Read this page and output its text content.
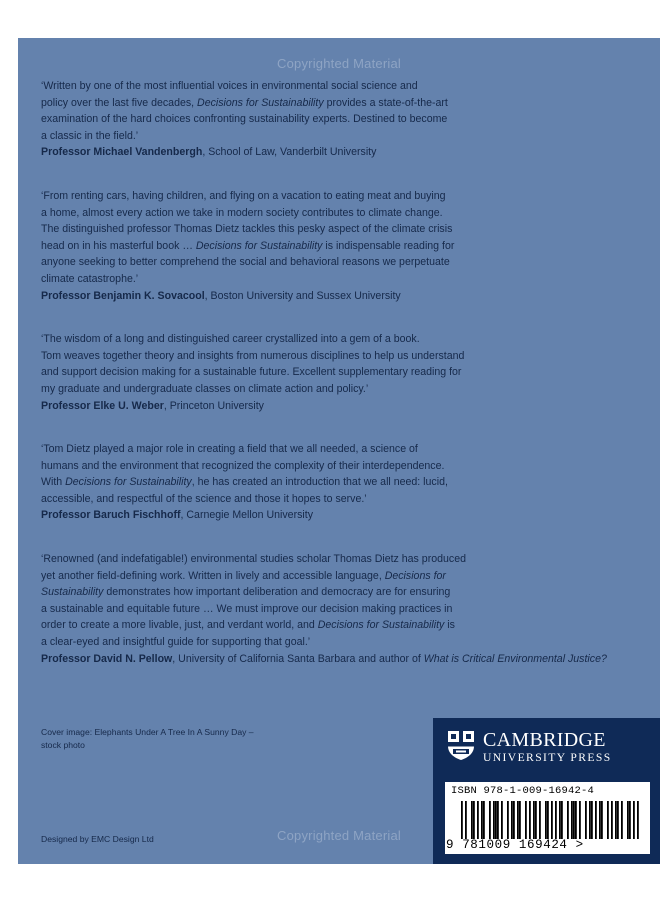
Copyrighted Material

‘Written by one of the most influential voices in environmental social science and

policy over the last five decades, Decisions for Sustainability provides a state-of-the-art

examination of the hard choices confronting sustainability experts. Destined to become

a classic in the field.’

Professor Michael Vandenbergh, School of Law, Vanderbilt University

‘From renting cars, having children, and flying on a vacation to eating meat and buying

a home, almost every action we take in modern society contributes to climate change.

The distinguished professor Thomas Dietz tackles this pesky aspect of the climate crisis

head on in his masterful book … Decisions for Sustainability is indispensable reading for

anyone seeking to better comprehend the social and behavioral reasons we perpetuate

climate catastrophe.’

Professor Benjamin K. Sovacool, Boston University and Sussex University

‘The wisdom of a long and distinguished career crystallized into a gem of a book.

Tom weaves together theory and insights from numerous disciplines to help us understand

and support decision making for a sustainable future. Excellent supplementary reading for

my graduate and undergraduate classes on climate action and policy.’

Professor Elke U. Weber, Princeton University

‘Tom Dietz played a major role in creating a field that we all needed, a science of

humans and the environment that recognized the complexity of their interdependence.

With Decisions for Sustainability, he has created an introduction that we all need: lucid,

accessible, and respectful of the science and those it hopes to serve.’

Professor Baruch Fischhoff, Carnegie Mellon University

‘Renowned (and indefatigable!) environmental studies scholar Thomas Dietz has produced

yet another field-defining work. Written in lively and accessible language, Decisions for

Sustainability demonstrates how important deliberation and democracy are for ensuring

a sustainable and equitable future … We must improve our decision making practices in

order to create a more livable, just, and verdant world, and Decisions for Sustainability is

a clear-eyed and insightful guide for supporting that goal.’

Professor David N. Pellow, University of California Santa Barbara and author of What is Critical Environmental Justice?

Cover image: Elephants Under A Tree In A Sunny Day – stock photo
Copyrighted Material
Designed by EMC Design Ltd
CAMBRIDGE
UNIVERSITY PRESS
ISBN 978-1-009-16942-4
9 781009 169424 >
